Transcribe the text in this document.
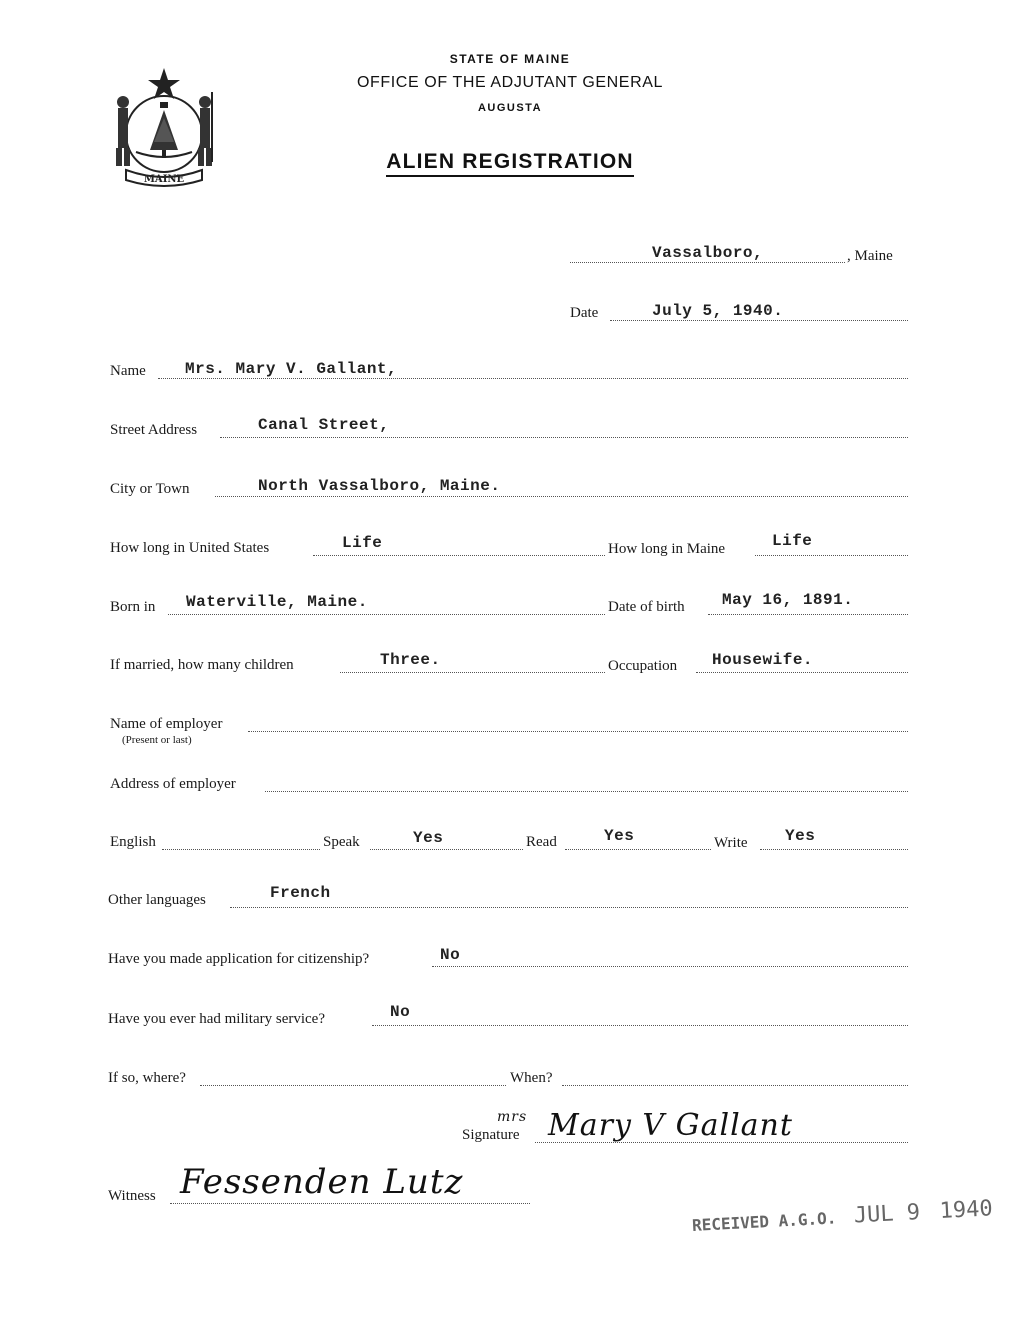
MAINE
STATE OF MAINE
OFFICE OF THE ADJUTANT GENERAL
AUGUSTA
ALIEN REGISTRATION
Vassalboro,	, Maine
Date	July 5, 1940.
Name Mrs. Mary V. Gallant,
Street Address	Canal Street,
City or Town	North Vassalboro, Maine.
How long in United States	Life	How long in Maine	Life
Born in Waterville, Maine.	Date of birth May 16, 1891.
If married, how many children	Three.	Occupation Housewife.
Name of employer
(Present or last)
Address of employer
English	Speak	Yes	Read	Yes	Write Yes
Other languages	French
Have you made application for citizenship?	No
Have you ever had military service?	No
If so, where?	When?
Signature
mrs Mary V Gallant
Witness Fessenden Lutz
RECEIVED A.G.O. JUL 9 1940
